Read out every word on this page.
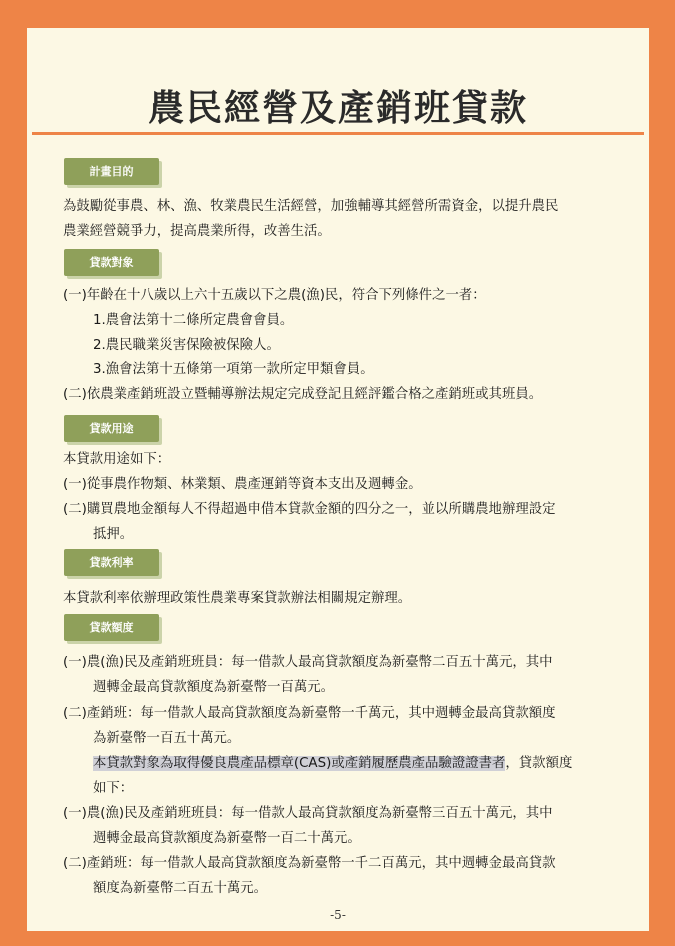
農民經營及產銷班貸款
計畫目的
為鼓勵從事農、林、漁、牧業農民生活經營，加強輔導其經營所需資金，以提升農民
農業經營競爭力，提高農業所得，改善生活。
貸款對象
(一)年齡在十八歲以上六十五歲以下之農(漁)民，符合下列條件之一者：
1.農會法第十二條所定農會會員。
2.農民職業災害保險被保險人。
3.漁會法第十五條第一項第一款所定甲類會員。
(二)依農業產銷班設立暨輔導辦法規定完成登記且經評鑑合格之產銷班或其班員。
貸款用途
本貸款用途如下：
(一)從事農作物類、林業類、農產運銷等資本支出及週轉金。
(二)購買農地金額每人不得超過申借本貸款金額的四分之一，並以所購農地辦理設定
抵押。
貸款利率
本貸款利率依辦理政策性農業專案貸款辦法相關規定辦理。
貸款額度
(一)農(漁)民及產銷班班員：每一借款人最高貸款額度為新臺幣二百五十萬元，其中
週轉金最高貸款額度為新臺幣一百萬元。
(二)產銷班：每一借款人最高貸款額度為新臺幣一千萬元，其中週轉金最高貸款額度
為新臺幣一百五十萬元。
本貸款對象為取得優良農產品標章(CAS)或產銷履歷農產品驗證證書者，貸款額度
如下：
(一)農(漁)民及產銷班班員：每一借款人最高貸款額度為新臺幣三百五十萬元，其中
週轉金最高貸款額度為新臺幣一百二十萬元。
(二)產銷班：每一借款人最高貸款額度為新臺幣一千二百萬元，其中週轉金最高貸款
額度為新臺幣二百五十萬元。
-5-
